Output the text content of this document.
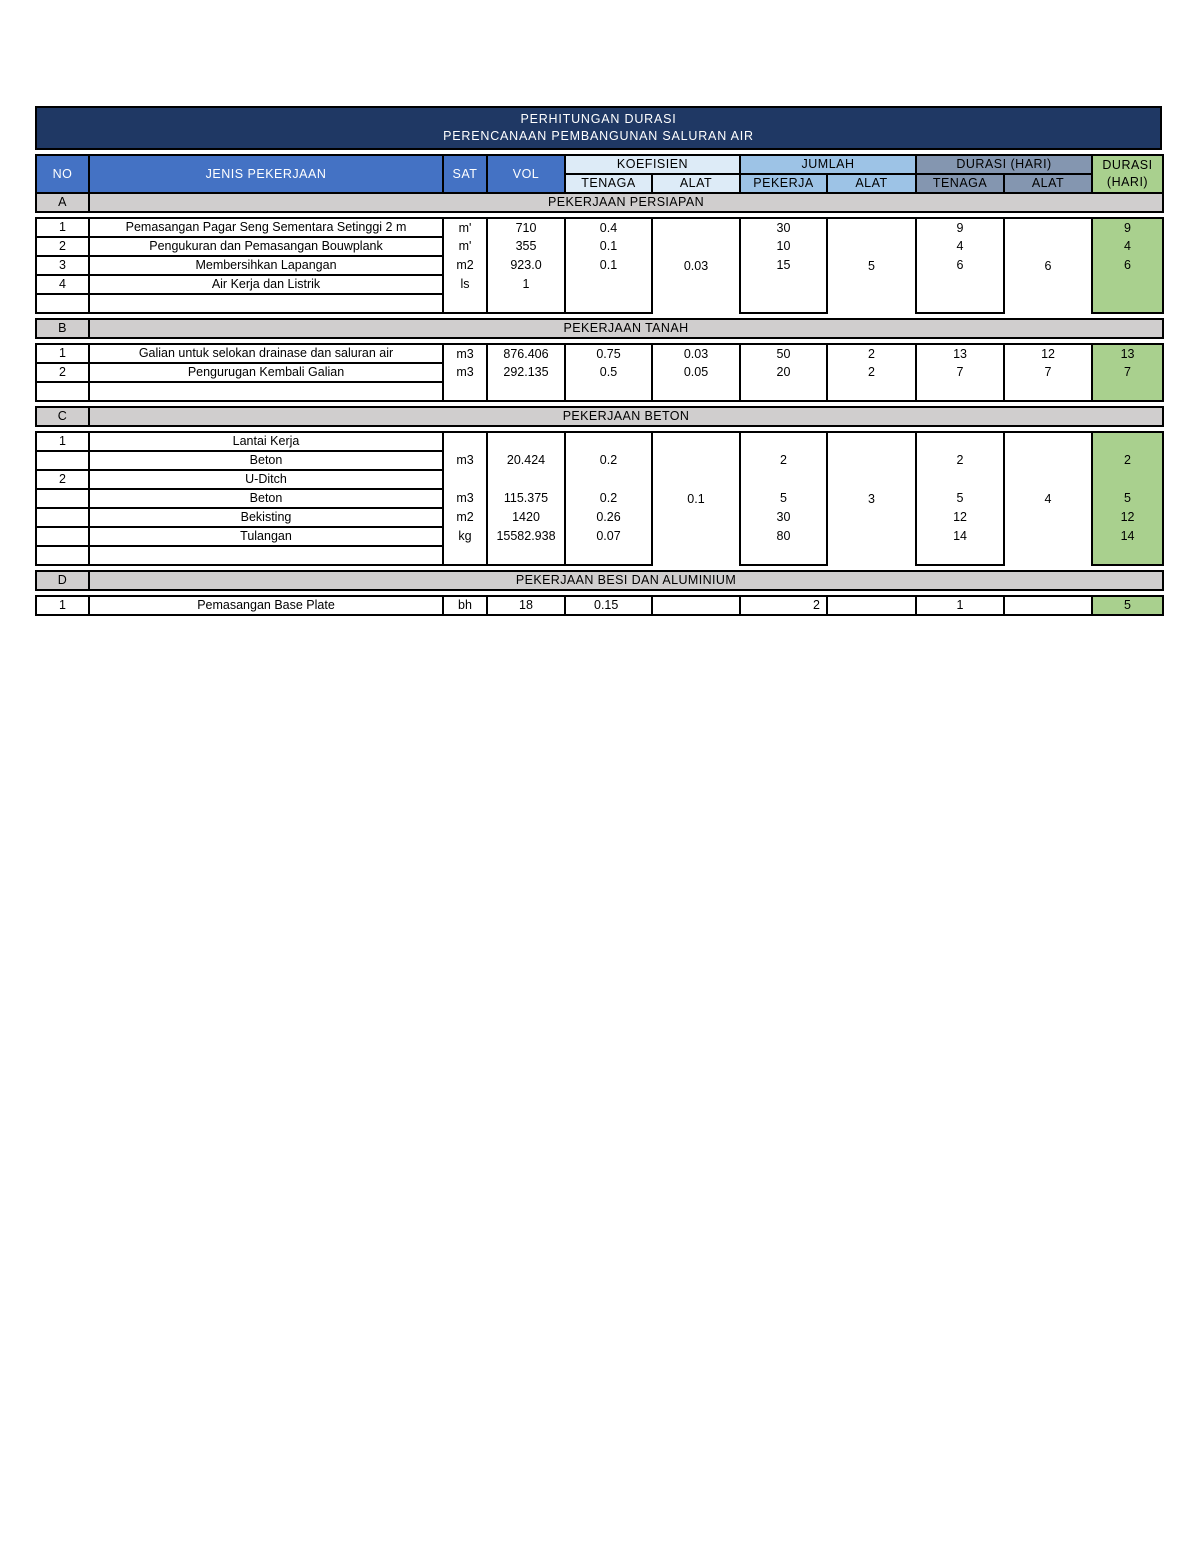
PERHITUNGAN DURASI
PERENCANAAN PEMBANGUNAN SALURAN AIR
NO	JENIS PEKERJAAN	SAT	VOL	KOEFISIEN		JUMLAH		DURASI (HARI)		DURASI (HARI)
				TENAGA	ALAT	PEKERJA	ALAT	TENAGA	ALAT	
A	PEKERJAAN PERSIAPAN									

1	Pemasangan Pagar Seng Sementara Setinggi 2 m	m'	710	0.4	0.03	30	5	9	6	9
2	Pengukuran dan Pemasangan Bouwplank	m'	355	0.1		10		4		4
3	Membersihkan Lapangan	m2	923.0	0.1		15		6		6
4	Air Kerja dan Listrik	ls	1							

B	PEKERJAAN TANAH									

1	Galian untuk selokan drainase dan saluran air	m3	876.406	0.75	0.03	50	2	13	12	13
2	Pengurugan Kembali Galian	m3	292.135	0.5	0.05	20	2	7	7	7

C	PEKERJAAN BETON									

1	Lantai Kerja				0.1		3		4	
	Beton	m3	20.424	0.2		2		2		2
2	U-Ditch									
	Beton	m3	115.375	0.2		5		5		5
	Bekisting	m2	1420	0.26		30		12		12
	Tulangan	kg	15582.938	0.07		80		14		14

D	PEKERJAAN BESI DAN ALUMINIUM									

1	Pemasangan Base Plate	bh	18	0.15		2		1		5
